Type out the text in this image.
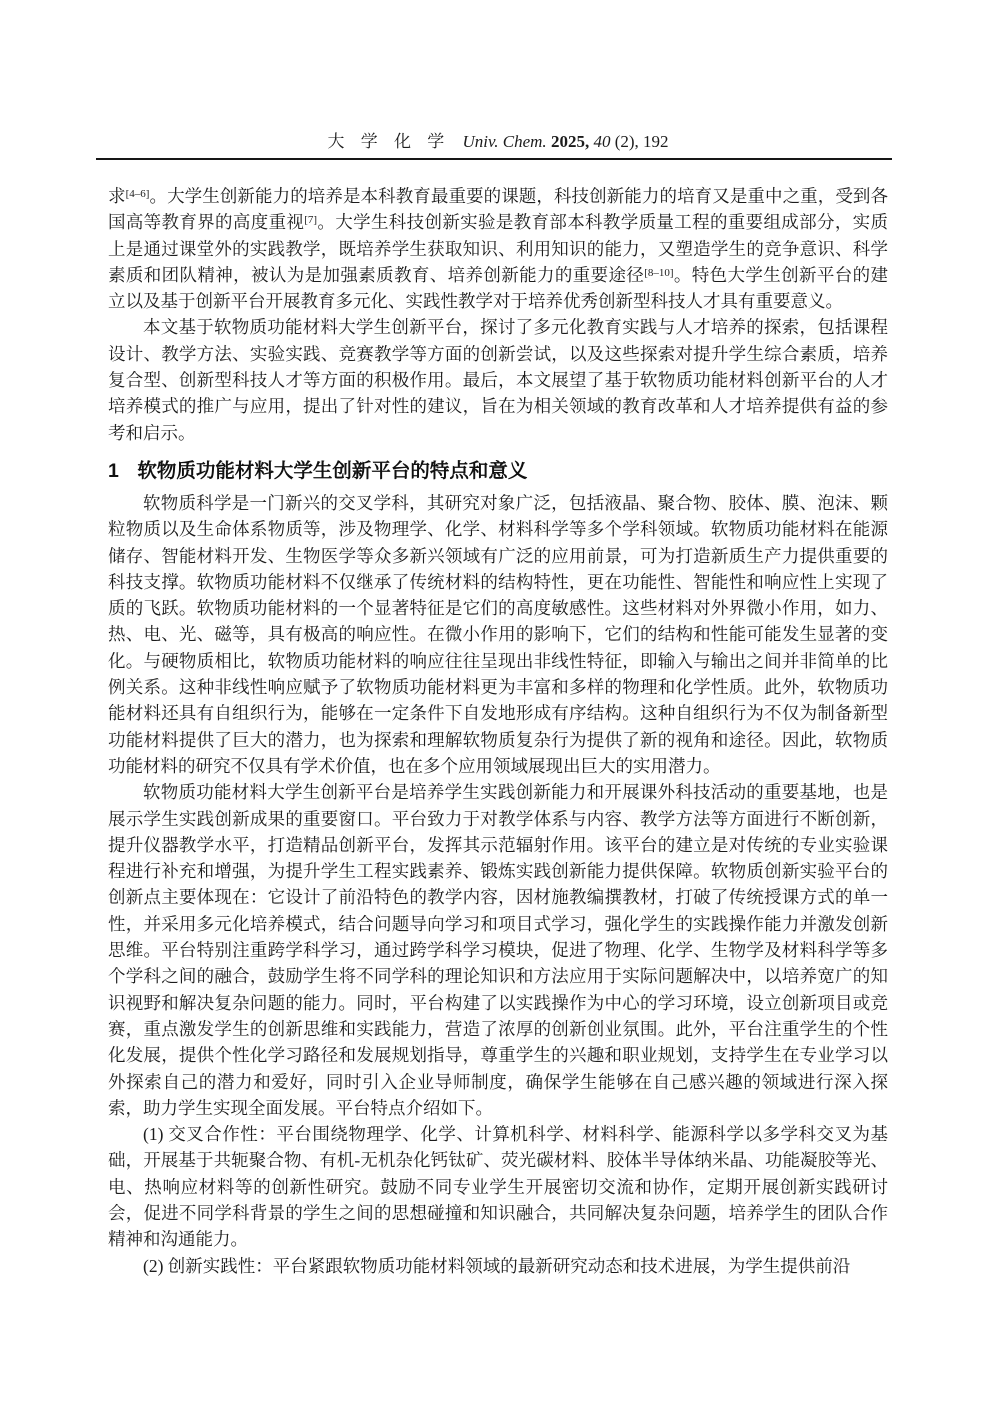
大 学 化 学 Univ. Chem. 2025, 40 (2), 192

求[4–6]。大学生创新能力的培养是本科教育最重要的课题，科技创新能力的培育又是重中之重，受到各国高等教育界的高度重视[7]。大学生科技创新实验是教育部本科教学质量工程的重要组成部分，实质上是通过课堂外的实践教学，既培养学生获取知识、利用知识的能力，又塑造学生的竞争意识、科学素质和团队精神，被认为是加强素质教育、培养创新能力的重要途径[8–10]。特色大学生创新平台的建立以及基于创新平台开展教育多元化、实践性教学对于培养优秀创新型科技人才具有重要意义。

本文基于软物质功能材料大学生创新平台，探讨了多元化教育实践与人才培养的探索，包括课程设计、教学方法、实验实践、竞赛教学等方面的创新尝试，以及这些探索对提升学生综合素质，培养复合型、创新型科技人才等方面的积极作用。最后，本文展望了基于软物质功能材料创新平台的人才培养模式的推广与应用，提出了针对性的建议，旨在为相关领域的教育改革和人才培养提供有益的参考和启示。

1 软物质功能材料大学生创新平台的特点和意义

软物质科学是一门新兴的交叉学科，其研究对象广泛，包括液晶、聚合物、胶体、膜、泡沫、颗粒物质以及生命体系物质等，涉及物理学、化学、材料科学等多个学科领域。软物质功能材料在能源储存、智能材料开发、生物医学等众多新兴领域有广泛的应用前景，可为打造新质生产力提供重要的科技支撑。软物质功能材料不仅继承了传统材料的结构特性，更在功能性、智能性和响应性上实现了质的飞跃。软物质功能材料的一个显著特征是它们的高度敏感性。这些材料对外界微小作用，如力、热、电、光、磁等，具有极高的响应性。在微小作用的影响下，它们的结构和性能可能发生显著的变化。与硬物质相比，软物质功能材料的响应往往呈现出非线性特征，即输入与输出之间并非简单的比例关系。这种非线性响应赋予了软物质功能材料更为丰富和多样的物理和化学性质。此外，软物质功能材料还具有自组织行为，能够在一定条件下自发地形成有序结构。这种自组织行为不仅为制备新型功能材料提供了巨大的潜力，也为探索和理解软物质复杂行为提供了新的视角和途径。因此，软物质功能材料的研究不仅具有学术价值，也在多个应用领域展现出巨大的实用潜力。

软物质功能材料大学生创新平台是培养学生实践创新能力和开展课外科技活动的重要基地，也是展示学生实践创新成果的重要窗口。平台致力于对教学体系与内容、教学方法等方面进行不断创新，提升仪器教学水平，打造精品创新平台，发挥其示范辐射作用。该平台的建立是对传统的专业实验课程进行补充和增强，为提升学生工程实践素养、锻炼实践创新能力提供保障。软物质创新实验平台的创新点主要体现在：它设计了前沿特色的教学内容，因材施教编撰教材，打破了传统授课方式的单一性，并采用多元化培养模式，结合问题导向学习和项目式学习，强化学生的实践操作能力并激发创新思维。平台特别注重跨学科学习，通过跨学科学习模块，促进了物理、化学、生物学及材料科学等多个学科之间的融合，鼓励学生将不同学科的理论知识和方法应用于实际问题解决中，以培养宽广的知识视野和解决复杂问题的能力。同时，平台构建了以实践操作为中心的学习环境，设立创新项目或竞赛，重点激发学生的创新思维和实践能力，营造了浓厚的创新创业氛围。此外，平台注重学生的个性化发展，提供个性化学习路径和发展规划指导，尊重学生的兴趣和职业规划，支持学生在专业学习以外探索自己的潜力和爱好，同时引入企业导师制度，确保学生能够在自己感兴趣的领域进行深入探索，助力学生实现全面发展。平台特点介绍如下。

(1) 交叉合作性：平台围绕物理学、化学、计算机科学、材料科学、能源科学以多学科交叉为基础，开展基于共轭聚合物、有机-无机杂化钙钛矿、荧光碳材料、胶体半导体纳米晶、功能凝胶等光、电、热响应材料等的创新性研究。鼓励不同专业学生开展密切交流和协作，定期开展创新实践研讨会，促进不同学科背景的学生之间的思想碰撞和知识融合，共同解决复杂问题，培养学生的团队合作精神和沟通能力。

(2) 创新实践性：平台紧跟软物质功能材料领域的最新研究动态和技术进展，为学生提供前沿
